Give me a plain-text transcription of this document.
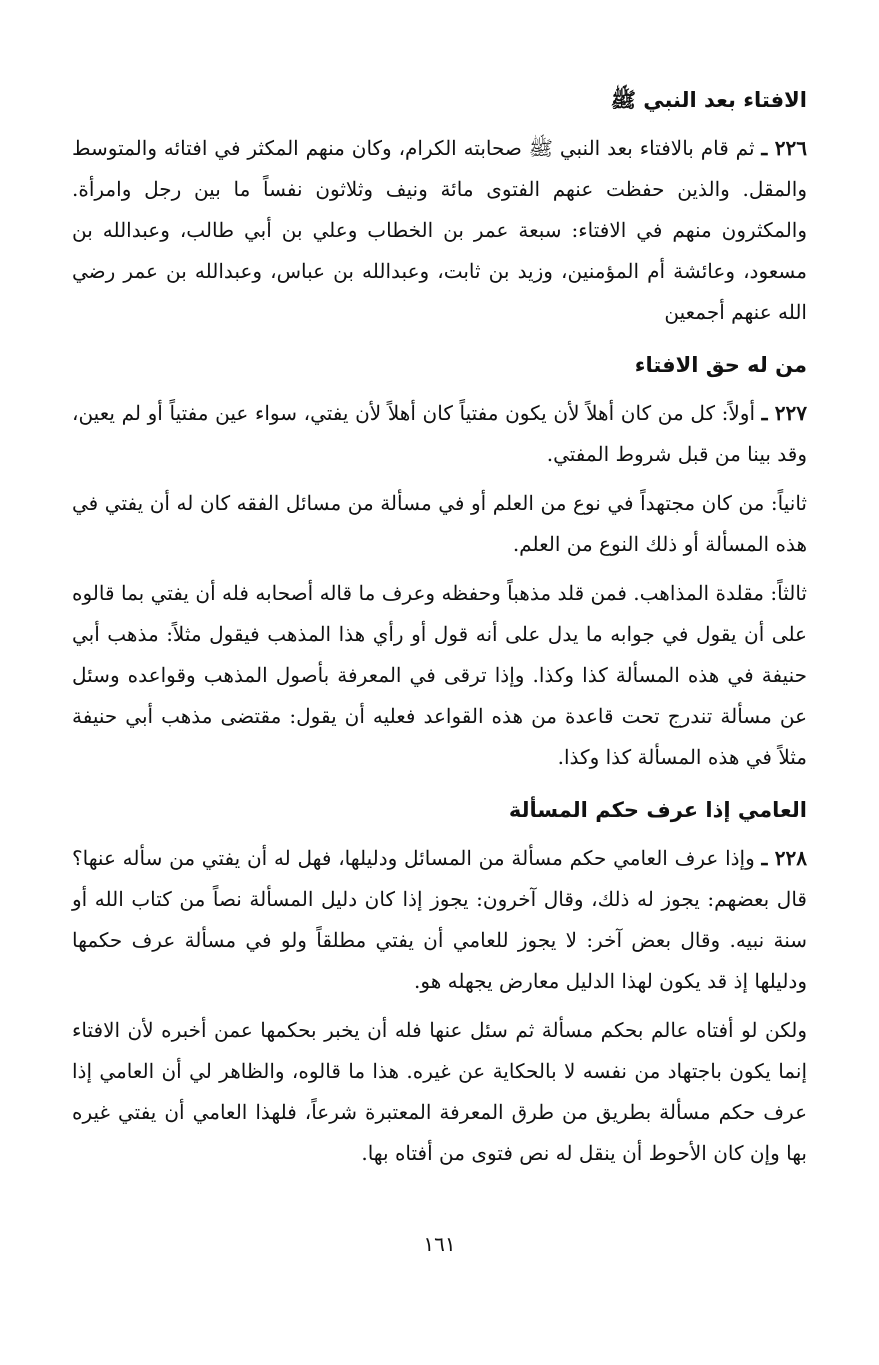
الافتاء بعد النبي ﷺ

٢٢٦ ـ ثم قام بالافتاء بعد النبي ﷺ صحابته الكرام، وكان منهم المكثر في افتائه والمتوسط والمقل. والذين حفظت عنهم الفتوى مائة ونيف وثلاثون نفساً ما بين رجل وامرأة. والمكثرون منهم في الافتاء: سبعة عمر بن الخطاب وعلي بن أبي طالب، وعبدالله بن مسعود، وعائشة أم المؤمنين، وزيد بن ثابت، وعبدالله بن عباس، وعبدالله بن عمر رضي الله عنهم أجمعين

من له حق الافتاء

٢٢٧ ـ أولاً: كل من كان أهلاً لأن يكون مفتياً كان أهلاً لأن يفتي، سواء عين مفتياً أو لم يعين، وقد بينا من قبل شروط المفتي.

ثانياً: من كان مجتهداً في نوع من العلم أو في مسألة من مسائل الفقه كان له أن يفتي في هذه المسألة أو ذلك النوع من العلم.

ثالثاً: مقلدة المذاهب. فمن قلد مذهباً وحفظه وعرف ما قاله أصحابه فله أن يفتي بما قالوه على أن يقول في جوابه ما يدل على أنه قول أو رأي هذا المذهب فيقول مثلاً: مذهب أبي حنيفة في هذه المسألة كذا وكذا. وإذا ترقى في المعرفة بأصول المذهب وقواعده وسئل عن مسألة تندرج تحت قاعدة من هذه القواعد فعليه أن يقول: مقتضى مذهب أبي حنيفة مثلاً في هذه المسألة كذا وكذا.

العامي إذا عرف حكم المسألة

٢٢٨ ـ وإذا عرف العامي حكم مسألة من المسائل ودليلها، فهل له أن يفتي من سأله عنها؟ قال بعضهم: يجوز له ذلك، وقال آخرون: يجوز إذا كان دليل المسألة نصاً من كتاب الله أو سنة نبيه. وقال بعض آخر: لا يجوز للعامي أن يفتي مطلقاً ولو في مسألة عرف حكمها ودليلها إذ قد يكون لهذا الدليل معارض يجهله هو.

ولكن لو أفتاه عالم بحكم مسألة ثم سئل عنها فله أن يخبر بحكمها عمن أخبره لأن الافتاء إنما يكون باجتهاد من نفسه لا بالحكاية عن غيره. هذا ما قالوه، والظاهر لي أن العامي إذا عرف حكم مسألة بطريق من طرق المعرفة المعتبرة شرعاً، فلهذا العامي أن يفتي غيره بها وإن كان الأحوط أن ينقل له نص فتوى من أفتاه بها.

١٦١
